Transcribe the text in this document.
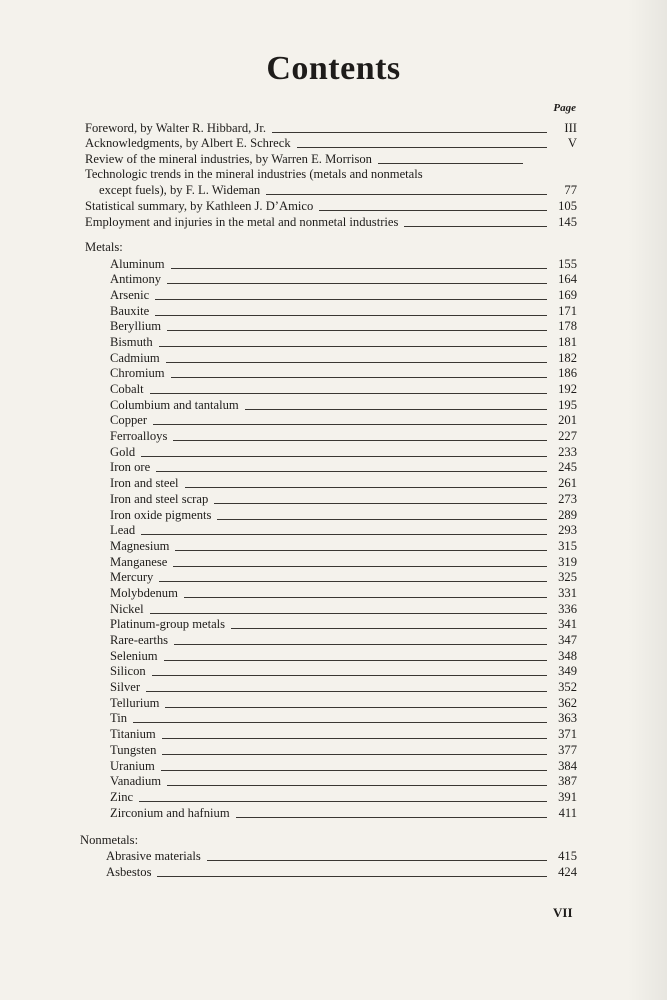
Contents
Page
Foreword, by Walter R. Hibbard, Jr.	III
Acknowledgments, by Albert E. Schreck	V
Review of the mineral industries, by Warren E. Morrison
Technologic trends in the mineral industries (metals and nonmetals
except fuels), by F. L. Wideman	77
Statistical summary, by Kathleen J. D’Amico	105
Employment and injuries in the metal and nonmetal industries	145
Metals:
Aluminum	155
Antimony	164
Arsenic	169
Bauxite	171
Beryllium	178
Bismuth	181
Cadmium	182
Chromium	186
Cobalt	192
Columbium and tantalum	195
Copper	201
Ferroalloys	227
Gold	233
Iron ore	245
Iron and steel	261
Iron and steel scrap	273
Iron oxide pigments	289
Lead	293
Magnesium	315
Manganese	319
Mercury	325
Molybdenum	331
Nickel	336
Platinum-group metals	341
Rare-earths	347
Selenium	348
Silicon	349
Silver	352
Tellurium	362
Tin	363
Titanium	371
Tungsten	377
Uranium	384
Vanadium	387
Zinc	391
Zirconium and hafnium	411
Nonmetals:
Abrasive materials	415
Asbestos	424
VII
